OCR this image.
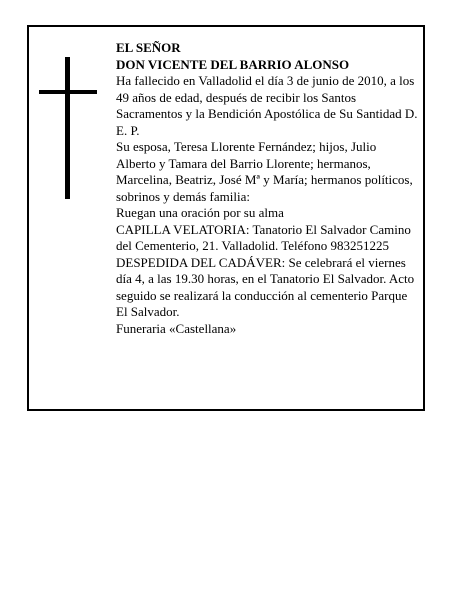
EL SEÑOR

DON VICENTE DEL BARRIO ALONSO

Ha fallecido en Valladolid el día 3 de junio de 2010, a los 49 años de edad, después de recibir los Santos Sacramentos y la Bendición Apostólica de Su Santidad D. E. P.

Su esposa, Teresa Llorente Fernández; hijos, Julio Alberto y Tamara del Barrio Llorente; hermanos, Marcelina, Beatriz, José Mª y María; hermanos políticos, sobrinos y demás familia:

Ruegan una oración por su alma

CAPILLA VELATORIA: Tanatorio El Salvador Camino del Cementerio, 21. Valladolid. Teléfono 983251225

DESPEDIDA DEL CADÁVER: Se celebrará el viernes día 4, a las 19.30 horas, en el Tanatorio El Salvador. Acto seguido se realizará la conducción al cementerio Parque El Salvador.

Funeraria «Castellana»
